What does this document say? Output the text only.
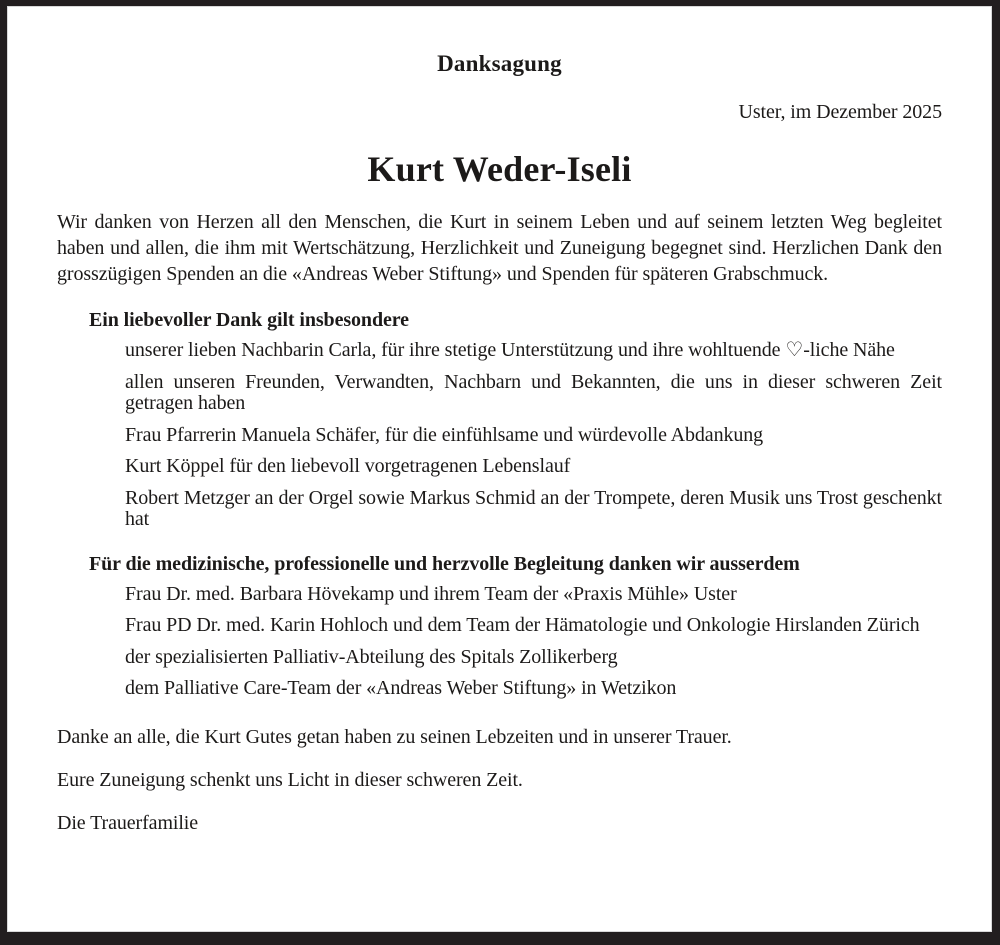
Danksagung
Uster, im Dezember 2025
Kurt Weder-Iseli

Wir danken von Herzen all den Menschen, die Kurt in seinem Leben und auf seinem letzten Weg begleitet haben und allen, die ihm mit Wertschätzung, Herzlichkeit und Zuneigung begegnet sind. Herzlichen Dank den grosszügigen Spenden an die «Andreas Weber Stiftung» und Spenden für späteren Grabschmuck.

Ein liebevoller Dank gilt insbesondere

unserer lieben Nachbarin Carla, für ihre stetige Unterstützung und ihre wohltuende ♡-liche Nähe

allen unseren Freunden, Verwandten, Nachbarn und Bekannten, die uns in dieser schweren Zeit getragen haben

Frau Pfarrerin Manuela Schäfer, für die einfühlsame und würdevolle Abdankung

Kurt Köppel für den liebevoll vorgetragenen Lebenslauf

Robert Metzger an der Orgel sowie Markus Schmid an der Trompete, deren Musik uns Trost geschenkt hat

Für die medizinische, professionelle und herzvolle Begleitung danken wir ausserdem

Frau Dr. med. Barbara Hövekamp und ihrem Team der «Praxis Mühle» Uster

Frau PD Dr. med. Karin Hohloch und dem Team der Hämatologie und Onkologie Hirslanden Zürich

der spezialisierten Palliativ-Abteilung des Spitals Zollikerberg

dem Palliative Care-Team der «Andreas Weber Stiftung» in Wetzikon

Danke an alle, die Kurt Gutes getan haben zu seinen Lebzeiten und in unserer Trauer.

Eure Zuneigung schenkt uns Licht in dieser schweren Zeit.

Die Trauerfamilie
